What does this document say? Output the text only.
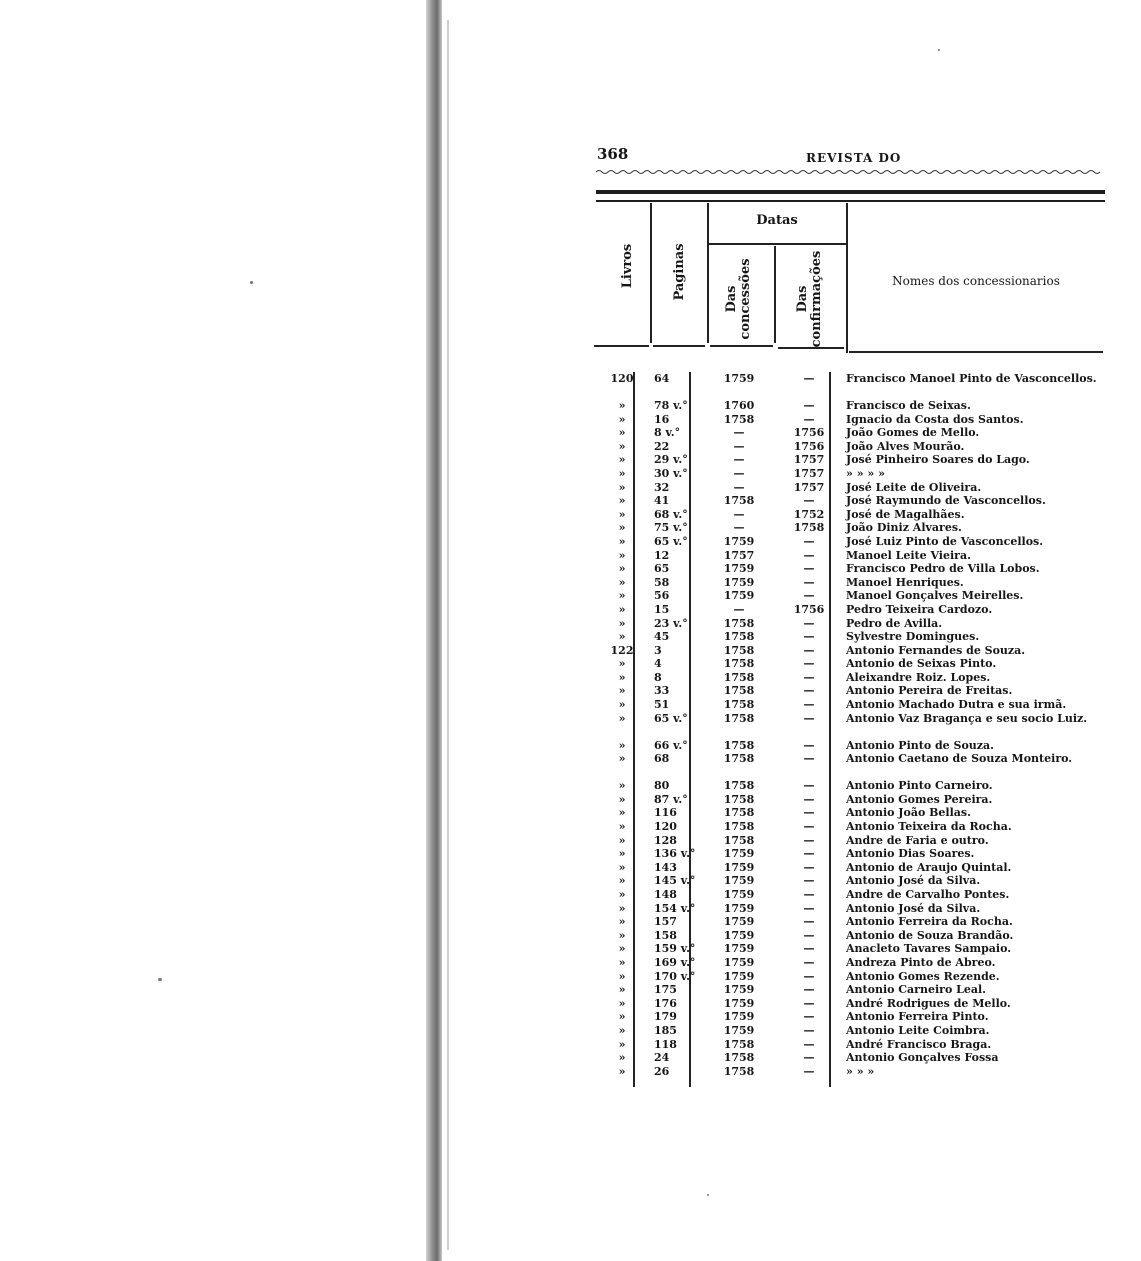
368	REVISTA DO
Livros	Paginas
Datas
Das concessões	Das confirmações	Nomes dos concessionarios
120	64	1759	—	Francisco Manoel Pinto de Vasconcellos.
»	78 v.°	1760	—	Francisco de Seixas.
»	16	1758	—	Ignacio da Costa dos Santos.
»	8 v.°	—	1756	João Gomes de Mello.
»	22	—	1756	João Alves Mourão.
»	29 v.°	—	1757	José Pinheiro Soares do Lago.
»	30 v.°	—	1757	» » » »
»	32	—	1757	José Leite de Oliveira.
»	41	1758	—	José Raymundo de Vasconcellos.
»	68 v.°	—	1752	José de Magalhães.
»	75 v.°	—	1758	João Diniz Alvares.
»	65 v.°	1759	—	José Luiz Pinto de Vasconcellos.
»	12	1757	—	Manoel Leite Vieira.
»	65	1759	—	Francisco Pedro de Villa Lobos.
»	58	1759	—	Manoel Henriques.
»	56	1759	—	Manoel Gonçalves Meirelles.
»	15	—	1756	Pedro Teixeira Cardozo.
»	23 v.°	1758	—	Pedro de Avilla.
»	45	1758	—	Sylvestre Domingues.
122	3	1758	—	Antonio Fernandes de Souza.
»	4	1758	—	Antonio de Seixas Pinto.
»	8	1758	—	Aleixandre Roiz. Lopes.
»	33	1758	—	Antonio Pereira de Freitas.
»	51	1758	—	Antonio Machado Dutra e sua irmã.
»	65 v.°	1758	—	Antonio Vaz Bragança e seu socio Luiz.
»	66 v.°	1758	—	Antonio Pinto de Souza.
»	68	1758	—	Antonio Caetano de Souza Monteiro.
»	80	1758	—	Antonio Pinto Carneiro.
»	87 v.°	1758	—	Antonio Gomes Pereira.
»	116	1758	—	Antonio João Bellas.
»	120	1758	—	Antonio Teixeira da Rocha.
»	128	1758	—	Andre de Faria e outro.
»	136 v.°	1759	—	Antonio Dias Soares.
»	143	1759	—	Antonio de Araujo Quintal.
»	145 v.°	1759	—	Antonio José da Silva.
»	148	1759	—	Andre de Carvalho Pontes.
»	154 v.°	1759	—	Antonio José da Silva.
»	157	1759	—	Antonio Ferreira da Rocha.
»	158	1759	—	Antonio de Souza Brandão.
»	159 v.°	1759	—	Anacleto Tavares Sampaio.
»	169 v.°	1759	—	Andreza Pinto de Abreo.
»	170 v.°	1759	—	Antonio Gomes Rezende.
»	175	1759	—	Antonio Carneiro Leal.
»	176	1759	—	André Rodrigues de Mello.
»	179	1759	—	Antonio Ferreira Pinto.
»	185	1759	—	Antonio Leite Coimbra.
»	118	1758	—	André Francisco Braga.
»	24	1758	—	Antonio Gonçalves Fossa
»	26	1758	—	» » »
